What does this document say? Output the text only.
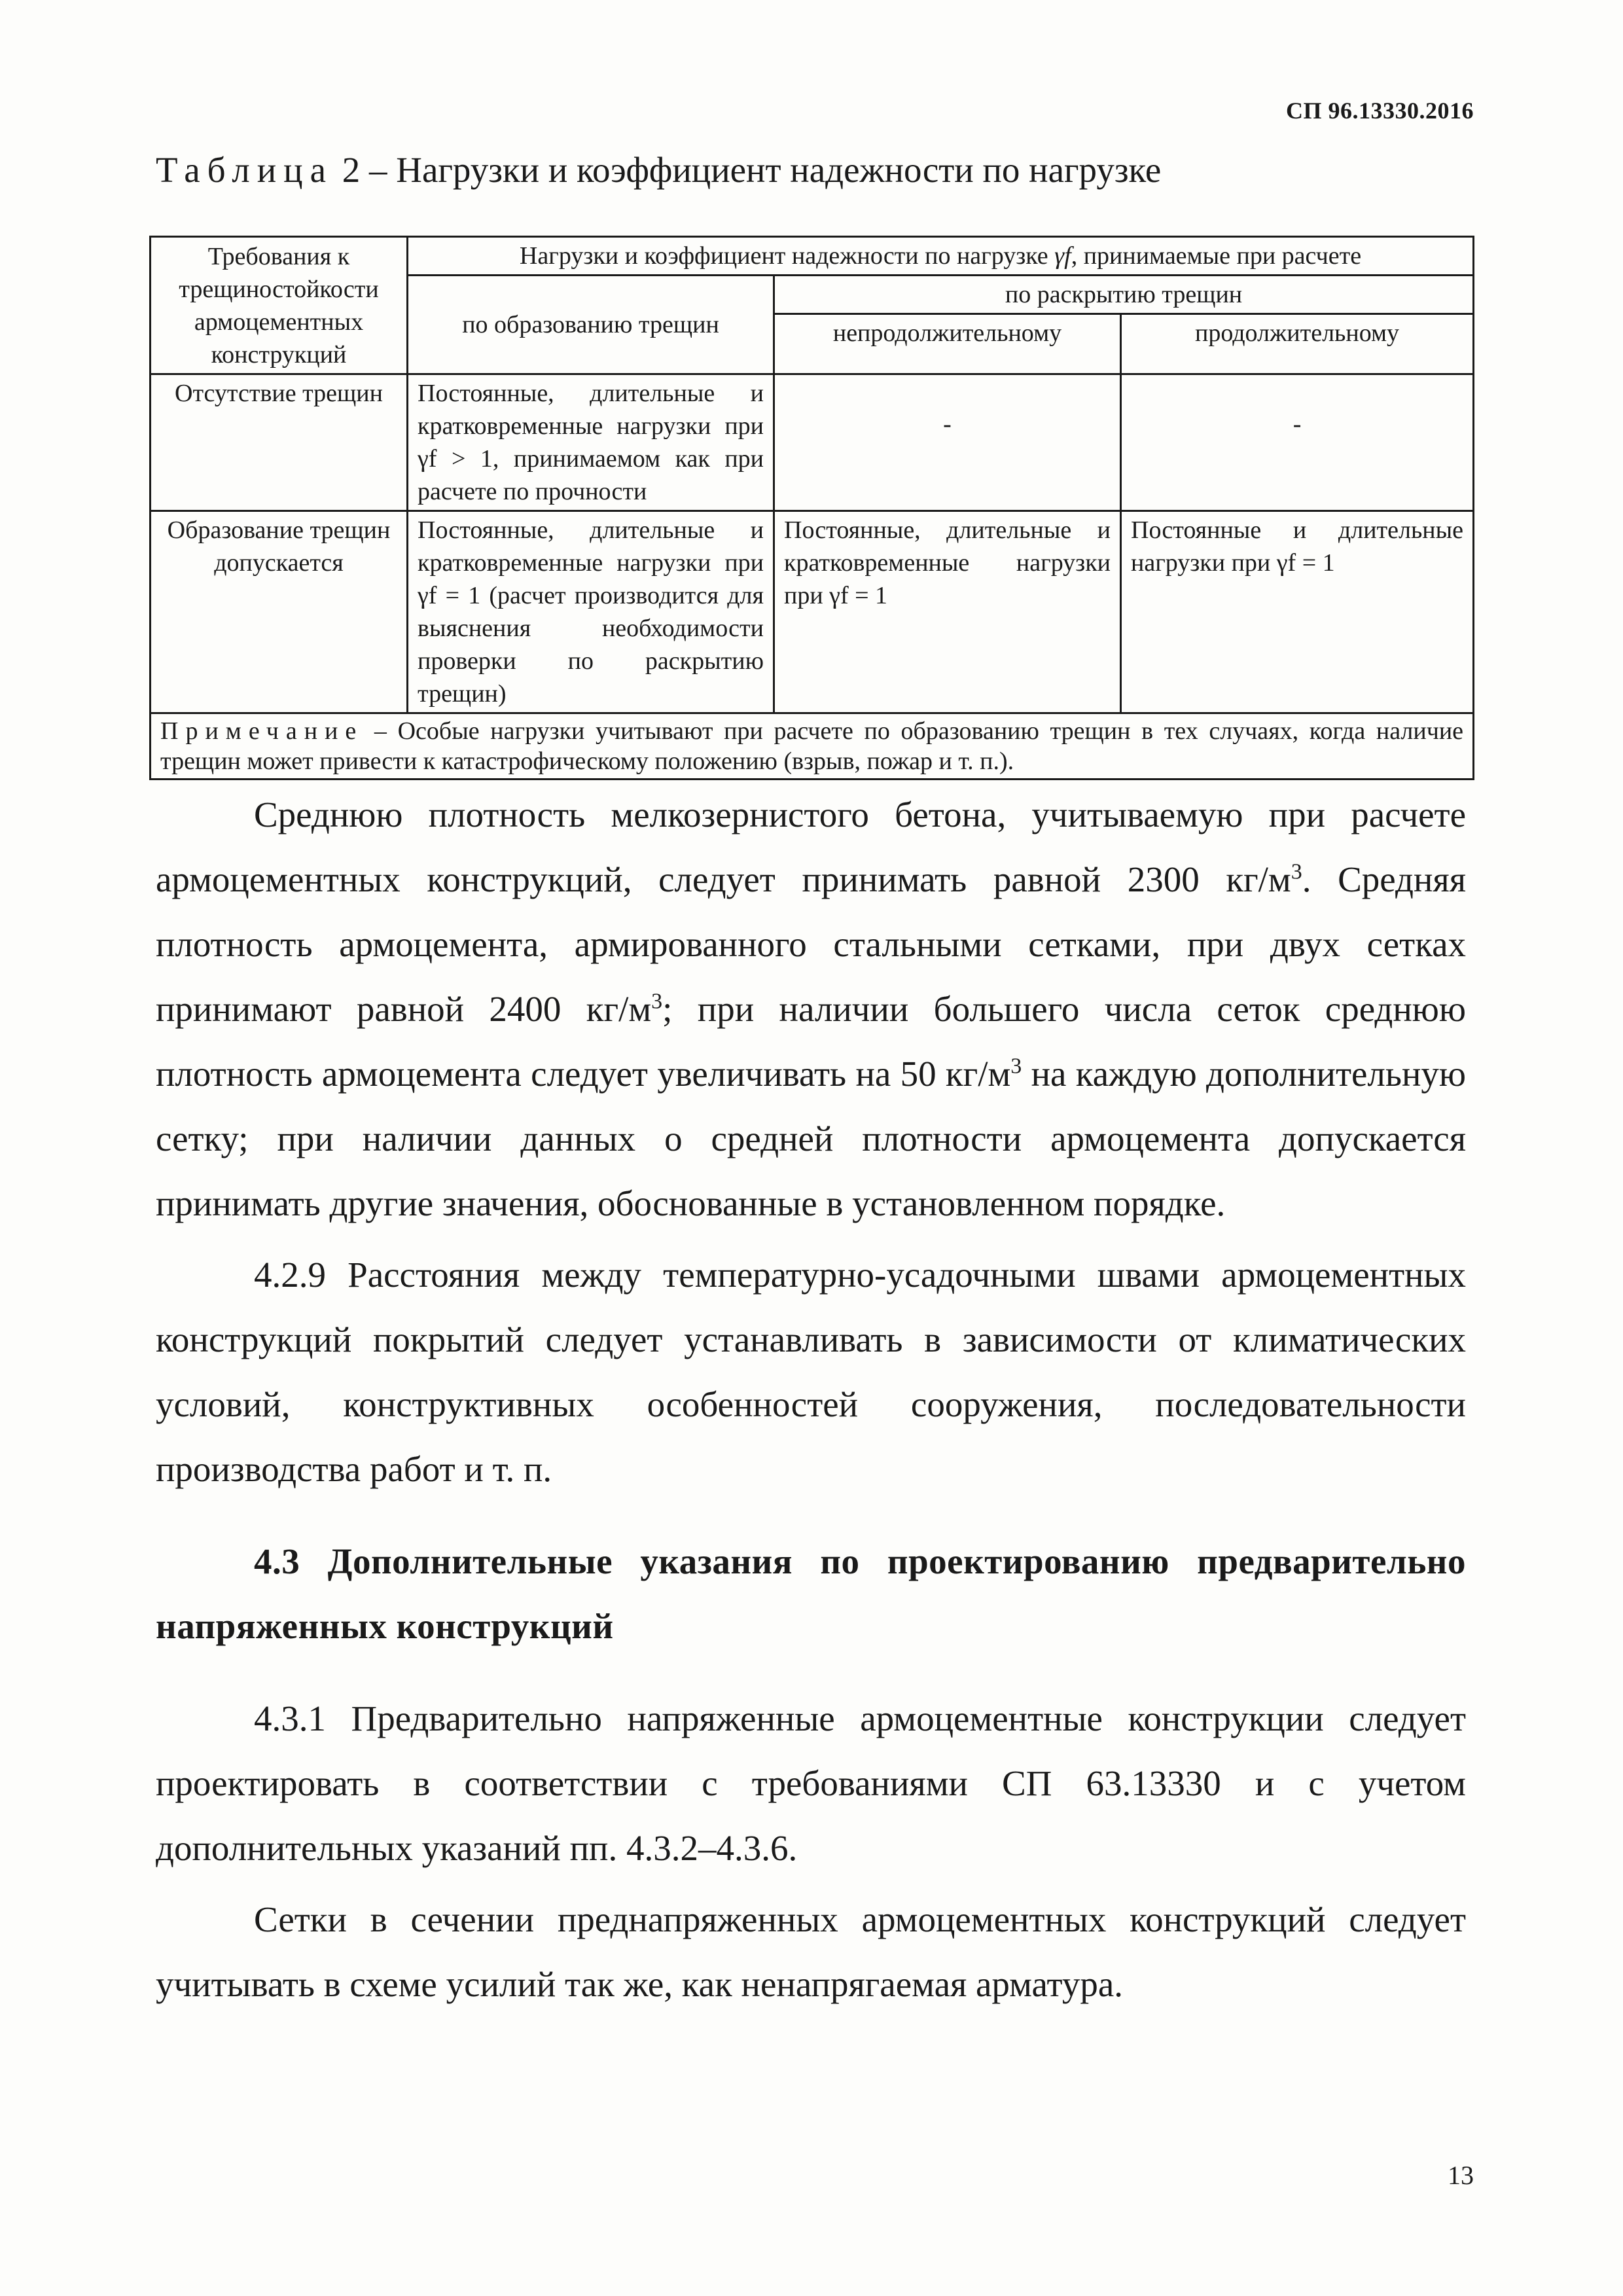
СП 96.13330.2016
Таблица 2 – Нагрузки и коэффициент надежности по нагрузке
Требования к трещиностойкости армоцементных конструкций	Нагрузки и коэффициент надежности по нагрузке γf, принимаемые при расчете		
	по образованию трещин	по раскрытию трещин	
		непродолжительному	продолжительному
Отсутствие трещин	Постоянные, длительные и кратковременные нагрузки при γf > 1, принимаемом как при расчете по прочности	-	-
Образование трещин допускается	Постоянные, длительные и кратковременные нагрузки при γf = 1 (расчет производится для выяснения необходимости проверки по раскрытию трещин)	Постоянные, длительные и кратковременные нагрузки при γf = 1	Постоянные и длительные нагрузки при γf = 1
Примечание – Особые нагрузки учитывают при расчете по образованию трещин в тех случаях, когда наличие трещин может привести к катастрофическому положению (взрыв, пожар и т. п.).			

Среднюю плотность мелкозернистого бетона, учитываемую при расчете армоцементных конструкций, следует принимать равной 2300 $кг/м^3$. Средняя плотность армоцемента, армированного стальными сетками, при двух сетках принимают равной 2400 $кг/м^3$; при наличии большего числа сеток среднюю плотность армоцемента следует увеличивать на 50 $кг/м^3$ на каждую дополнительную сетку; при наличии данных о средней плотности армоцемента допускается принимать другие значения, обоснованные в установленном порядке.

4.2.9 Расстояния между температурно-усадочными швами армоцементных конструкций покрытий следует устанавливать в зависимости от климатических условий, конструктивных особенностей сооружения, последовательности производства работ и т. п.

4.3 Дополнительные указания по проектированию предварительно напряженных конструкций

4.3.1 Предварительно напряженные армоцементные конструкции следует проектировать в соответствии с требованиями СП 63.13330 и с учетом дополнительных указаний пп. 4.3.2–4.3.6.

Сетки в сечении преднапряженных армоцементных конструкций следует учитывать в схеме усилий так же, как ненапрягаемая арматура.

13
